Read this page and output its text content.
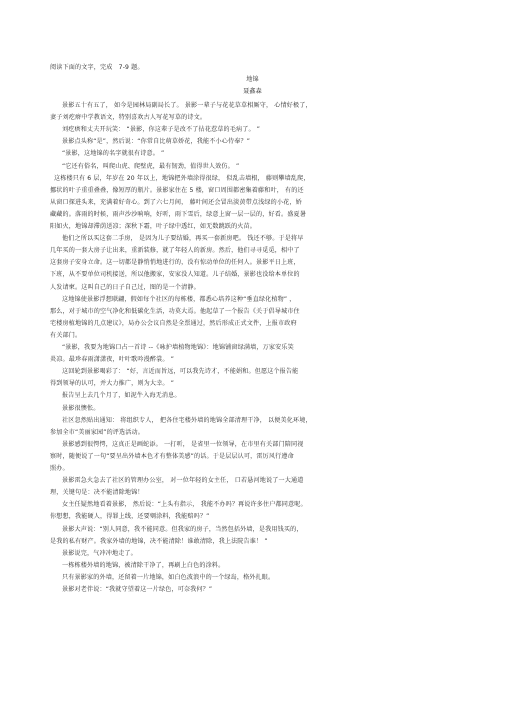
阅读下面的文字，完成　7-9 题。
地锦
聂鑫森
景影五十有五了， 如今是园林局副局长了。 景影一辈子与花花草草相厮守， 心情好极了，
妻子刘疙瘩中学教语文，特别喜欢古人写花写草的诗文。
刘疙瘩和丈夫开玩笑： “景影，你这辈子是改不了拈花惹草的毛病了。 ”
景影点头称“是”，然后说：“你常自比萌草娇花，我能不小心侍奉？”
“景影，这地锦的名字就很有诗意。 ”
“它还有俗名，叫爬山虎、爬壁虎，最有韧劲，值得世人效仿。 ”
这栋楼只有 6 层，年岁在 20 年以上，地锦把外墙涂得很绿， 似乱击墙根， 藤则攀墙乱爬，
挪状的叶子重重叠叠，像短厚的瓶片。景影家住在 5 楼，窗口周围都密集着藤和叶， 有的还
从窗口探进头来，充满着好奇心。到了六七月间， 藤叶间还会冒出淡黄带点浅绿的小花，娇
藏藏的。落雨的时候，雨声沙沙响响，好听，雨下雪后，绿意上窗一层一层的，好看。盛夏暑
阳如火，地锦却滞荫送凉；深秋下霜，叶子绿中透红，如无数跳跃的火苗。
他们之所以买这套二手房， 是因为儿子要结婚，再买一套新房吧。 钱还不够。于是将早
几年买的一套大房子让出来，重新装修，就了年轻人的新房。然后，他们寻寻觅觅，相中了
这套房子安身立命。这一切都是静悄悄地进行的，没有惊动单位的任何人。景影平日上班，
下班，从不要单位司机接送，所以他搬家，安家没人知道。儿子结婚，景影也没给本单位的
人发请柬。这叫自己的日子自己过，图的是一个清静。
这地锦使景影浮想联翩，假如每个社区的每栋楼，都悉心培养这种“垂直绿化植物” ，
那么，对于城市的空气净化和低碳化生活，功莫大焉。他起草了一个报告《关于倡导城市住
宅楼房植地锦的几点建议》，局办公会议自然是全票通过，然后形成正式文件，上报市政府
有关部门。
“景影，我要为地锦口占一首诗 --《咏护墙植物地锦》：地锦铺窗绿满墙，万家安乐笑
炎凉。最珍春雨潇潇夜，叶叶歌吟漫醉裳。 ”
这回轮到景影喝彩了： “好，言近而旨远，可以我先诗才，不能娟和。但愿这个报告能
得到领导的认可，并大力推广，则为大幸。 ”
报告呈上去几个月了，如泥牛入海无消息。
景影很懊怅。
社区忽然贴出通知： 将组织专人， 把各住宅楼外墙的地锦全部清理干净， 以便美化环境，
参加全市“美丽家园”的评选活动。
景影感到很愕愕，这真正是画蛇添。 一打听， 是省里一位领导，在市里有关部门陪同视
察时，随便说了一句“要呈出外墙本色才有整体美感”的话。于是层层认可，雷厉风行遵命
照办。
景影雷急火急去了社区的管理办公室， 对一位年轻的女主任， 口若悬河地说了一大通道
理，关键句是：决不能清除地锦！
女主任疑然地看着景影， 然后说：“上头有指示， 我能不办吗？再说许多住户都同意呢。
你想想，我能硬人，得罪上线，还要剜涂料，我能赔吗？”
景影大声说：“别人同意，我不能同意。但我家的房子，当然包括外墙，是我用钱买的，
是我的私有财产。我家外墙的地锦，决不能清除！谁敢清除，我上法院告谁！ ”
景影说完，气冲冲地走了。
一栋栋楼外墙的地锦，被清除干净了，再刷上白色的涂料。
只有景影家的外墙，还留着一片地锦，如白色波浪中的一个绿岛，格外扎眼。
景影对老伴说：“我就守望着这一片绿色，可奈我何？”
